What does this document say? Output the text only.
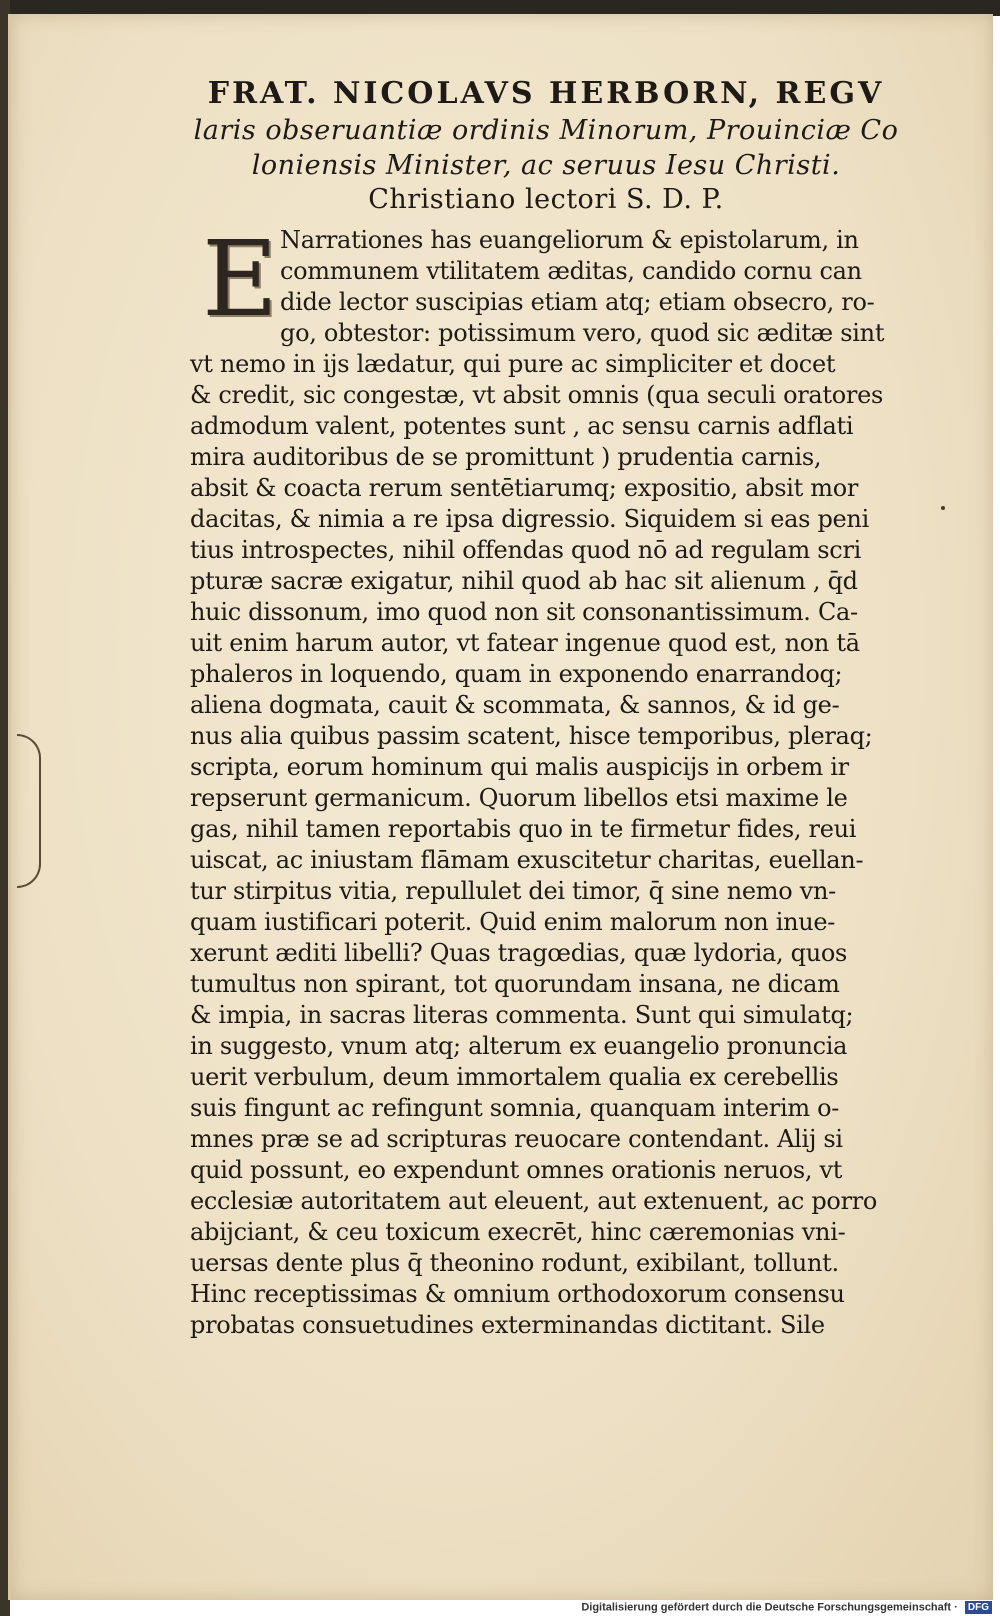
FRAT. NICOLAVS HERBORN, REGV
laris obseruantiæ ordinis Minorum, Prouinciæ Co
loniensis Minister, ac seruus Iesu Christi.
Christiano lectori S. D. P.
E Narrationes has euangeliorum & epistolarum, in
communem vtilitatem æditas, candido cornu can
dide lector suscipias etiam atq; etiam obsecro, ro-
go, obtestor: potissimum vero, quod sic æditæ sint
vt nemo in ijs lædatur, qui pure ac simpliciter et docet
& credit, sic congestæ, vt absit omnis (qua seculi oratores
admodum valent, potentes sunt , ac sensu carnis adflati
mira auditoribus de se promittunt ) prudentia carnis,
absit & coacta rerum sentētiarumq; expositio, absit mor
dacitas, & nimia a re ipsa digressio. Siquidem si eas peni
tius introspectes, nihil offendas quod nō ad regulam scri
pturæ sacræ exigatur, nihil quod ab hac sit alienum , q̄d
huic dissonum, imo quod non sit consonantissimum. Ca-
uit enim harum autor, vt fatear ingenue quod est, non tā
phaleros in loquendo, quam in exponendo enarrandoq;
aliena dogmata, cauit & scommata, & sannos, & id ge-
nus alia quibus passim scatent, hisce temporibus, pleraq;
scripta, eorum hominum qui malis auspicijs in orbem ir
repserunt germanicum. Quorum libellos etsi maxime le
gas, nihil tamen reportabis quo in te firmetur fides, reui
uiscat, ac iniustam flāmam exuscitetur charitas, euellan-
tur stirpitus vitia, repullulet dei timor, q̄ sine nemo vn-
quam iustificari poterit. Quid enim malorum non inue-
xerunt æditi libelli? Quas tragœdias, quæ lydoria, quos
tumultus non spirant, tot quorundam insana, ne dicam
& impia, in sacras literas commenta. Sunt qui simulatq;
in suggesto, vnum atq; alterum ex euangelio pronuncia
uerit verbulum, deum immortalem qualia ex cerebellis
suis fingunt ac refingunt somnia, quanquam interim o-
mnes præ se ad scripturas reuocare contendant. Alij si
quid possunt, eo expendunt omnes orationis neruos, vt
ecclesiæ autoritatem aut eleuent, aut extenuent, ac porro
abijciant, & ceu toxicum execrēt, hinc cæremonias vni-
uersas dente plus q̄ theonino rodunt, exibilant, tollunt.
Hinc receptissimas & omnium orthodoxorum consensu
probatas consuetudines exterminandas dictitant. Sile
Digitalisierung gefördert durch die Deutsche Forschungsgemeinschaft · DFG
